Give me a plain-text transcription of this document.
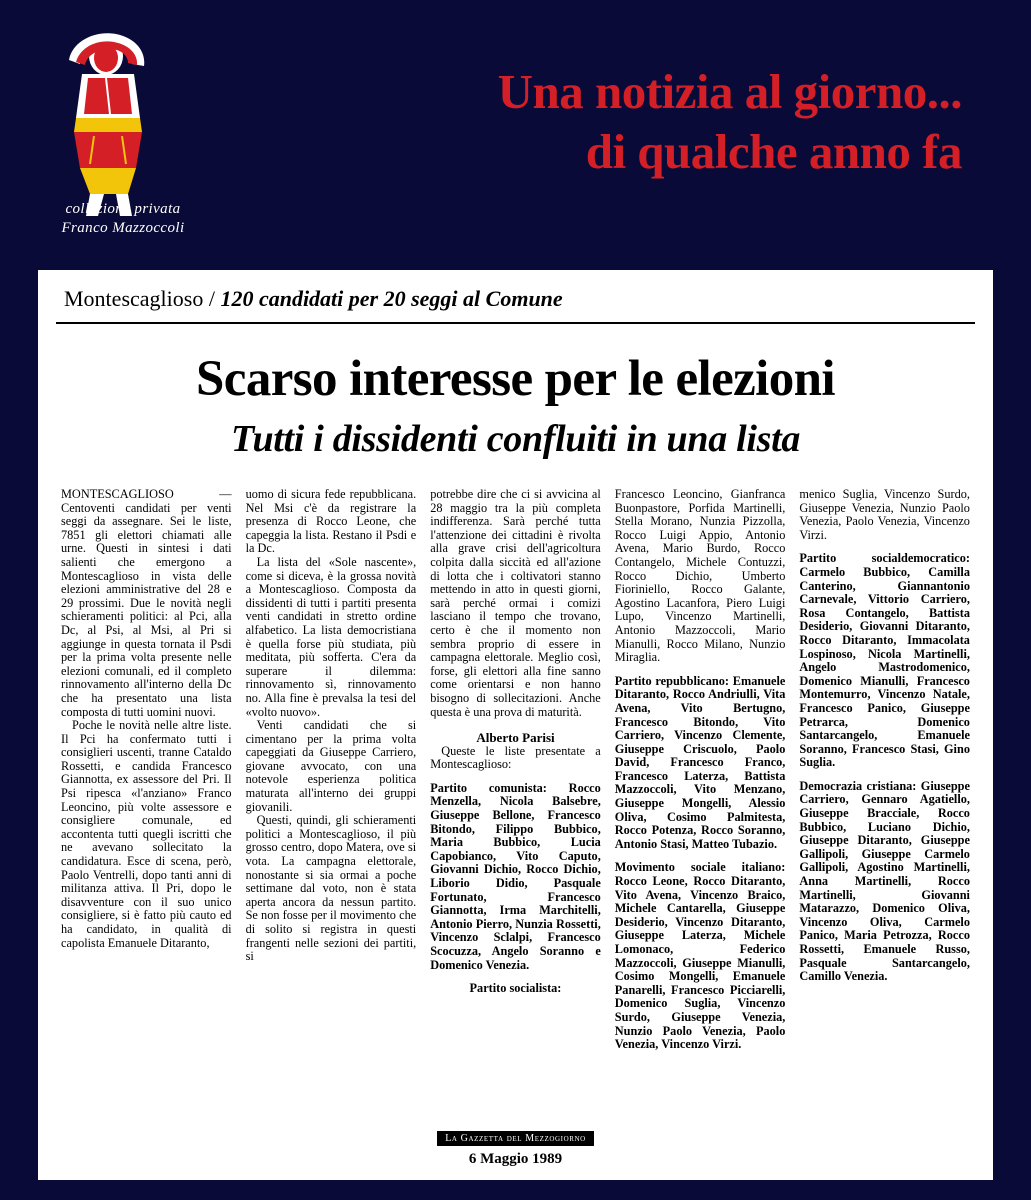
collezione privata
Franco Mazzoccoli
Una notizia al giorno...
di qualche anno fa
Montescaglioso / 120 candidati per 20 seggi al Comune
Scarso interesse per le elezioni
Tutti i dissidenti confluiti in una lista

MONTESCAGLIOSO — Centoventi candidati per venti seggi da assegnare. Sei le liste, 7851 gli elettori chiamati alle urne. Questi in sintesi i dati salienti che emergono a Montescaglioso in vista delle elezioni amministrative del 28 e 29 prossimi. Due le novità negli schieramenti politici: al Pci, alla Dc, al Psi, al Msi, al Pri si aggiunge in questa tornata il Psdi per la prima volta presente nelle elezioni comunali, ed il completo rinnovamento all'interno della Dc che ha presentato una lista composta di tutti uomini nuovi.

Poche le novità nelle altre liste. Il Pci ha confermato tutti i consiglieri uscenti, tranne Cataldo Rossetti, e candida Francesco Giannotta, ex assessore del Pri. Il Psi ripesca «l'anziano» Franco Leoncino, più volte assessore e consigliere comunale, ed accontenta tutti quegli iscritti che ne avevano sollecitato la candidatura. Esce di scena, però, Paolo Ventrelli, dopo tanti anni di militanza attiva. Il Pri, dopo le disavventure con il suo unico consigliere, si è fatto più cauto ed ha candidato, in qualità di capolista Emanuele Ditaranto,

uomo di sicura fede repubblicana. Nel Msi c'è da registrare la presenza di Rocco Leone, che capeggia la lista. Restano il Psdi e la Dc.

La lista del «Sole nascente», come si diceva, è la grossa novità a Montescaglioso. Composta da dissidenti di tutti i partiti presenta venti candidati in stretto ordine alfabetico. La lista democristiana è quella forse più studiata, più meditata, più sofferta. C'era da superare il dilemma: rinnovamento sì, rinnovamento no. Alla fine è prevalsa la tesi del «volto nuovo».

Venti candidati che si cimentano per la prima volta capeggiati da Giuseppe Carriero, giovane avvocato, con una notevole esperienza politica maturata all'interno dei gruppi giovanili.

Questi, quindi, gli schieramenti politici a Montescaglioso, il più grosso centro, dopo Matera, ove si vota. La campagna elettorale, nonostante si sia ormai a poche settimane dal voto, non è stata aperta ancora da nessun partito. Se non fosse per il movimento che di solito si registra in questi frangenti nelle sezioni dei partiti, si

potrebbe dire che ci si avvicina al 28 maggio tra la più completa indifferenza. Sarà perché tutta l'attenzione dei cittadini è rivolta alla grave crisi dell'agricoltura colpita dalla siccità ed all'azione di lotta che i coltivatori stanno mettendo in atto in questi giorni, sarà perché ormai i comizi lasciano il tempo che trovano, certo è che il momento non sembra proprio di essere in campagna elettorale. Meglio così, forse, gli elettori alla fine sanno come orientarsi e non hanno bisogno di sollecitazioni. Anche questa è una prova di maturità.

Alberto Parisi

Queste le liste presentate a Montescaglioso:

Partito comunista: Rocco Menzella, Nicola Balsebre, Giuseppe Bellone, Francesco Bitondo, Filippo Bubbico, Maria Bubbico, Lucia Capobianco, Vito Caputo, Giovanni Dichio, Rocco Dichio, Liborio Didio, Pasquale Fortunato, Francesco Giannotta, Irma Marchitelli, Antonio Pierro, Nunzia Rossetti, Vincenzo Sclalpi, Francesco Scocuzza, Angelo Soranno e Domenico Venezia.

Partito socialista:

Francesco Leoncino, Gianfranca Buonpastore, Porfida Martinelli, Stella Morano, Nunzia Pizzolla, Rocco Luigi Appio, Antonio Avena, Mario Burdo, Rocco Contangelo, Michele Contuzzi, Rocco Dichio, Umberto Fioriniello, Rocco Galante, Agostino Lacanfora, Piero Luigi Lupo, Vincenzo Martinelli, Antonio Mazzoccoli, Mario Mianulli, Rocco Milano, Nunzio Miraglia.

Partito repubblicano: Emanuele Ditaranto, Rocco Andriulli, Vita Avena, Vito Bertugno, Francesco Bitondo, Vito Carriero, Vincenzo Clemente, Giuseppe Criscuolo, Paolo David, Francesco Franco, Francesco Laterza, Battista Mazzoccoli, Vito Menzano, Giuseppe Mongelli, Alessio Oliva, Cosimo Palmitesta, Rocco Potenza, Rocco Soranno, Antonio Stasi, Matteo Tubazio.

Movimento sociale italiano: Rocco Leone, Rocco Ditaranto, Vito Avena, Vincenzo Braico, Michele Cantarella, Giuseppe Desiderio, Vincenzo Ditaranto, Giuseppe Laterza, Michele Lomonaco, Federico Mazzoccoli, Giuseppe Mianulli, Cosimo Mongelli, Emanuele Panarelli, Francesco Picciarelli, Domenico Suglia, Vincenzo Surdo, Giuseppe Venezia, Nunzio Paolo Venezia, Paolo Venezia, Vincenzo Virzi.

menico Suglia, Vincenzo Surdo, Giuseppe Venezia, Nunzio Paolo Venezia, Paolo Venezia, Vincenzo Virzi.

Partito socialdemocratico: Carmelo Bubbico, Camilla Canterino, Giannantonio Carnevale, Vittorio Carriero, Rosa Contangelo, Battista Desiderio, Giovanni Ditaranto, Rocco Ditaranto, Immacolata Lospinoso, Nicola Martinelli, Angelo Mastrodomenico, Domenico Mianulli, Francesco Montemurro, Vincenzo Natale, Francesco Panico, Giuseppe Petrarca, Domenico Santarcangelo, Emanuele Soranno, Francesco Stasi, Gino Suglia.

Democrazia cristiana: Giuseppe Carriero, Gennaro Agatiello, Giuseppe Bracciale, Rocco Bubbico, Luciano Dichio, Giuseppe Ditaranto, Giuseppe Gallipoli, Giuseppe Carmelo Gallipoli, Agostino Martinelli, Anna Martinelli, Rocco Martinelli, Giovanni Matarazzo, Domenico Oliva, Vincenzo Oliva, Carmelo Panico, Maria Petrozza, Rocco Rossetti, Emanuele Russo, Pasquale Santarcangelo, Camillo Venezia.

La Gazzetta del Mezzogiorno
6 Maggio 1989
